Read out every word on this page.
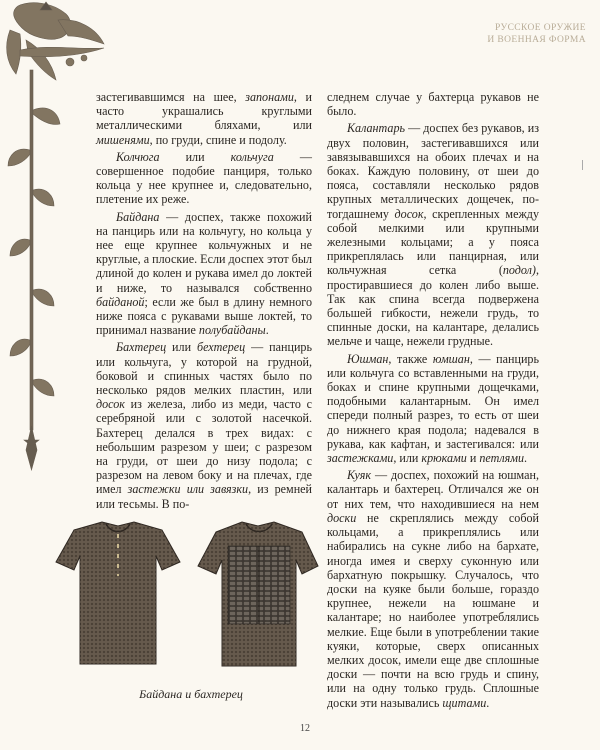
РУССКОЕ ОРУЖИЕ
И ВОЕННАЯ ФОРМА

застегивавшимся на шее, запонами, и часто украшались круглыми металлическими бляхами, или мишенями, по груди, спине и подолу.

Колчюга или кольчуга — совершенное подобие панциря, только кольца у нее крупнее и, следовательно, плетение их реже.

Байдана — доспех, также похожий на панцирь или на кольчугу, но кольца у нее еще крупнее кольчужных и не круглые, а плоские. Если доспех этот был длиной до колен и рукава имел до локтей и ниже, то назывался собственно байданой; если же был в длину немного ниже пояса с рукавами выше локтей, то принимал название полубайданы.

Бахтерец или бехтерец — панцирь или кольчуга, у которой на грудной, боковой и спинных частях было по несколько рядов мелких пластин, или досок из железа, либо из меди, часто с серебряной или с золотой насечкой. Бахтерец делался в трех видах: с небольшим разрезом у шеи; с разрезом на груди, от шеи до низу подола; с разрезом на левом боку и на плечах, где имел застежки или завязки, из ремней или тесьмы. В по-

следнем случае у бахтерца рукавов не было.

Калантарь — доспех без рукавов, из двух половин, застегивавшихся или завязывавшихся на обоих плечах и на боках. Каждую половину, от шеи до пояса, составляли несколько рядов крупных металлических дощечек, по-тогдашнему досок, скрепленных между собой мелкими или крупными железными кольцами; а у пояса прикреплялась или панцирная, или кольчужная сетка (подол), простиравшиеся до колен либо выше. Так как спина всегда подвержена большей гибкости, нежели грудь, то спинные доски, на калантаре, делались мельче и чаще, нежели грудные.

Юшман, также юмшан, — панцирь или кольчуга со вставленными на груди, боках и спине крупными дощечками, подобными калантарным. Он имел спереди полный разрез, то есть от шеи до нижнего края подола; надевался в рукава, как кафтан, и застегивался: или застежками, или крюками и петлями.

Куяк — доспех, похожий на юшман, калантарь и бахтерец. Отличался же он от них тем, что находившиеся на нем доски не скреплялись между собой кольцами, а прикреплялись или набирались на сукне либо на бархате, иногда имея и сверху суконную или бархатную покрышку. Случалось, что доски на куяке были больше, гораздо крупнее, нежели на юшмане и калантаре; но наиболее употреблялись мелкие. Еще были в употреблении такие куяки, которые, сверх описанных мелких досок, имели еще две сплошные доски — почти на всю грудь и спину, или на одну только грудь. Сплошные доски эти назывались щитами.

Байдана и бахтерец
12
